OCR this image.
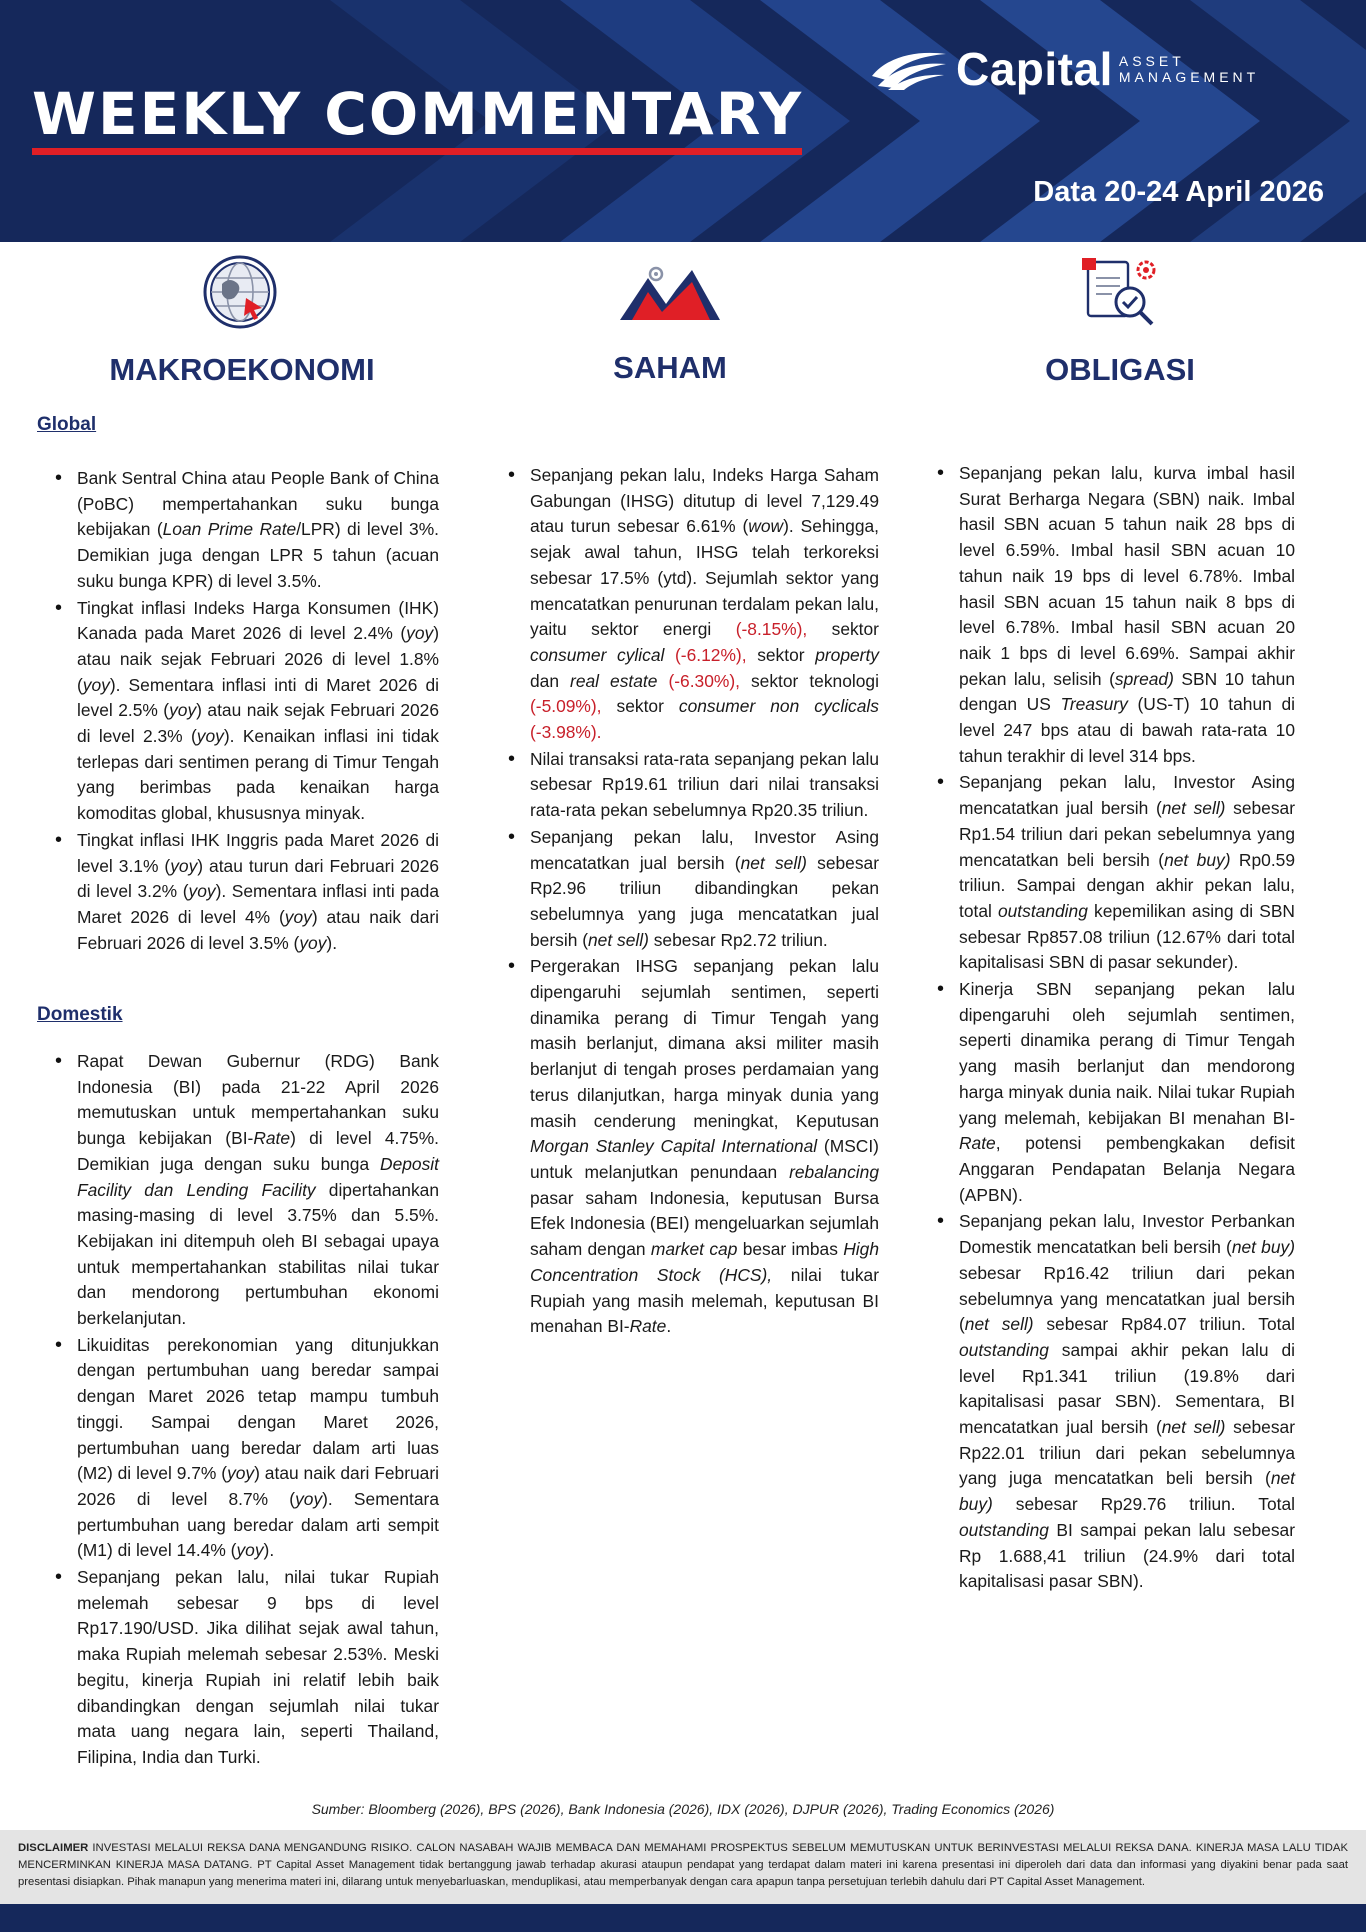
Capital ASSET
MANAGEMENT
WEEKLY COMMENTARY
Data 20-24 April 2026
MAKROEKONOMI	SAHAM	OBLIGASI
Global
• Bank Sentral China atau People Bank of China (PoBC) mempertahankan suku bunga kebijakan (Loan Prime Rate/LPR) di level 3%. Demikian juga dengan LPR 5 tahun (acuan suku bunga KPR) di level 3.5%.
• Tingkat inflasi Indeks Harga Konsumen (IHK) Kanada pada Maret 2026 di level 2.4% (yoy) atau naik sejak Februari 2026 di level 1.8% (yoy). Sementara inflasi inti di Maret 2026 di level 2.5% (yoy) atau naik sejak Februari 2026 di level 2.3% (yoy). Kenaikan inflasi ini tidak terlepas dari sentimen perang di Timur Tengah yang berimbas pada kenaikan harga komoditas global, khususnya minyak.
• Tingkat inflasi IHK Inggris pada Maret 2026 di level 3.1% (yoy) atau turun dari Februari 2026 di level 3.2% (yoy). Sementara inflasi inti pada Maret 2026 di level 4% (yoy) atau naik dari Februari 2026 di level 3.5% (yoy).
Domestik
• Rapat Dewan Gubernur (RDG) Bank Indonesia (BI) pada 21-22 April 2026 memutuskan untuk mempertahankan suku bunga kebijakan (BI-Rate) di level 4.75%. Demikian juga dengan suku bunga Deposit Facility dan Lending Facility dipertahankan masing-masing di level 3.75% dan 5.5%. Kebijakan ini ditempuh oleh BI sebagai upaya untuk mempertahankan stabilitas nilai tukar dan mendorong pertumbuhan ekonomi berkelanjutan.
• Likuiditas perekonomian yang ditunjukkan dengan pertumbuhan uang beredar sampai dengan Maret 2026 tetap mampu tumbuh tinggi. Sampai dengan Maret 2026, pertumbuhan uang beredar dalam arti luas (M2) di level 9.7% (yoy) atau naik dari Februari 2026 di level 8.7% (yoy). Sementara pertumbuhan uang beredar dalam arti sempit (M1) di level 14.4% (yoy).
• Sepanjang pekan lalu, nilai tukar Rupiah melemah sebesar 9 bps di level Rp17.190/USD. Jika dilihat sejak awal tahun, maka Rupiah melemah sebesar 2.53%. Meski begitu, kinerja Rupiah ini relatif lebih baik dibandingkan dengan sejumlah nilai tukar mata uang negara lain, seperti Thailand, Filipina, India dan Turki.
• Sepanjang pekan lalu, Indeks Harga Saham Gabungan (IHSG) ditutup di level 7,129.49 atau turun sebesar 6.61% (wow). Sehingga, sejak awal tahun, IHSG telah terkoreksi sebesar 17.5% (ytd). Sejumlah sektor yang mencatatkan penurunan terdalam pekan lalu, yaitu sektor energi (-8.15%), sektor consumer cylical (-6.12%), sektor property dan real estate (-6.30%), sektor teknologi (-5.09%), sektor consumer non cyclicals (-3.98%).
• Nilai transaksi rata-rata sepanjang pekan lalu sebesar Rp19.61 triliun dari nilai transaksi rata-rata pekan sebelumnya Rp20.35 triliun.
• Sepanjang pekan lalu, Investor Asing mencatatkan jual bersih (net sell) sebesar Rp2.96 triliun dibandingkan pekan sebelumnya yang juga mencatatkan jual bersih (net sell) sebesar Rp2.72 triliun.
• Pergerakan IHSG sepanjang pekan lalu dipengaruhi sejumlah sentimen, seperti dinamika perang di Timur Tengah yang masih berlanjut, dimana aksi militer masih berlanjut di tengah proses perdamaian yang terus dilanjutkan, harga minyak dunia yang masih cenderung meningkat, Keputusan Morgan Stanley Capital International (MSCI) untuk melanjutkan penundaan rebalancing pasar saham Indonesia, keputusan Bursa Efek Indonesia (BEI) mengeluarkan sejumlah saham dengan market cap besar imbas High Concentration Stock (HCS), nilai tukar Rupiah yang masih melemah, keputusan BI menahan BI-Rate.
• Sepanjang pekan lalu, kurva imbal hasil Surat Berharga Negara (SBN) naik. Imbal hasil SBN acuan 5 tahun naik 28 bps di level 6.59%. Imbal hasil SBN acuan 10 tahun naik 19 bps di level 6.78%. Imbal hasil SBN acuan 15 tahun naik 8 bps di level 6.78%. Imbal hasil SBN acuan 20 naik 1 bps di level 6.69%. Sampai akhir pekan lalu, selisih (spread) SBN 10 tahun dengan US Treasury (US-T) 10 tahun di level 247 bps atau di bawah rata-rata 10 tahun terakhir di level 314 bps.
• Sepanjang pekan lalu, Investor Asing mencatatkan jual bersih (net sell) sebesar Rp1.54 triliun dari pekan sebelumnya yang mencatatkan beli bersih (net buy) Rp0.59 triliun. Sampai dengan akhir pekan lalu, total outstanding kepemilikan asing di SBN sebesar Rp857.08 triliun (12.67% dari total kapitalisasi SBN di pasar sekunder).
• Kinerja SBN sepanjang pekan lalu dipengaruhi oleh sejumlah sentimen, seperti dinamika perang di Timur Tengah yang masih berlanjut dan mendorong harga minyak dunia naik. Nilai tukar Rupiah yang melemah, kebijakan BI menahan BI-Rate, potensi pembengkakan defisit Anggaran Pendapatan Belanja Negara (APBN).
• Sepanjang pekan lalu, Investor Perbankan Domestik mencatatkan beli bersih (net buy) sebesar Rp16.42 triliun dari pekan sebelumnya yang mencatatkan jual bersih (net sell) sebesar Rp84.07 triliun. Total outstanding sampai akhir pekan lalu di level Rp1.341 triliun (19.8% dari kapitalisasi pasar SBN). Sementara, BI mencatatkan jual bersih (net sell) sebesar Rp22.01 triliun dari pekan sebelumnya yang juga mencatatkan beli bersih (net buy) sebesar Rp29.76 triliun. Total outstanding BI sampai pekan lalu sebesar Rp 1.688,41 triliun (24.9% dari total kapitalisasi pasar SBN).
Sumber: Bloomberg (2026), BPS (2026), Bank Indonesia (2026), IDX (2026), DJPUR (2026), Trading Economics (2026)
DISCLAIMER INVESTASI MELALUI REKSA DANA MENGANDUNG RISIKO. CALON NASABAH WAJIB MEMBACA DAN MEMAHAMI PROSPEKTUS SEBELUM MEMUTUSKAN UNTUK BERINVESTASI MELALUI REKSA DANA. KINERJA MASA LALU TIDAK MENCERMINKAN KINERJA MASA DATANG. PT Capital Asset Management tidak bertanggung jawab terhadap akurasi ataupun pendapat yang terdapat dalam materi ini karena presentasi ini diperoleh dari data dan informasi yang diyakini benar pada saat presentasi disiapkan. Pihak manapun yang menerima materi ini, dilarang untuk menyebarluaskan, menduplikasi, atau memperbanyak dengan cara apapun tanpa persetujuan terlebih dahulu dari PT Capital Asset Management.
